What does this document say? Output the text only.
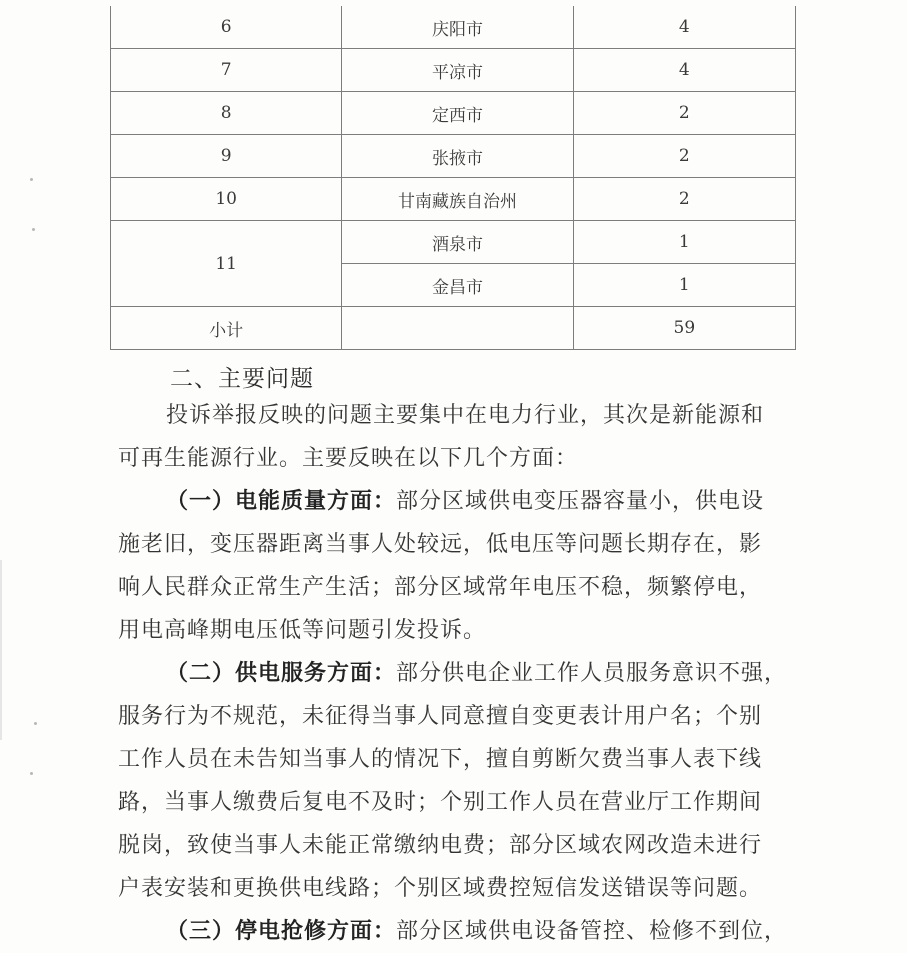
6	庆阳市	4
7	平凉市	4
8	定西市	2
9	张掖市	2
10	甘南藏族自治州	2
11	酒泉市	1
	金昌市	1
小计		59
二、主要问题

投诉举报反映的问题主要集中在电力行业，其次是新能源和
可再生能源行业。主要反映在以下几个方面：

（一）电能质量方面：部分区域供电变压器容量小，供电设
施老旧，变压器距离当事人处较远，低电压等问题长期存在，影
响人民群众正常生产生活；部分区域常年电压不稳，频繁停电，
用电高峰期电压低等问题引发投诉。

（二）供电服务方面：部分供电企业工作人员服务意识不强，
服务行为不规范，未征得当事人同意擅自变更表计用户名；个别
工作人员在未告知当事人的情况下，擅自剪断欠费当事人表下线
路，当事人缴费后复电不及时；个别工作人员在营业厅工作期间
脱岗，致使当事人未能正常缴纳电费；部分区域农网改造未进行
户表安装和更换供电线路；个别区域费控短信发送错误等问题。

（三）停电抢修方面：部分区域供电设备管控、检修不到位，
